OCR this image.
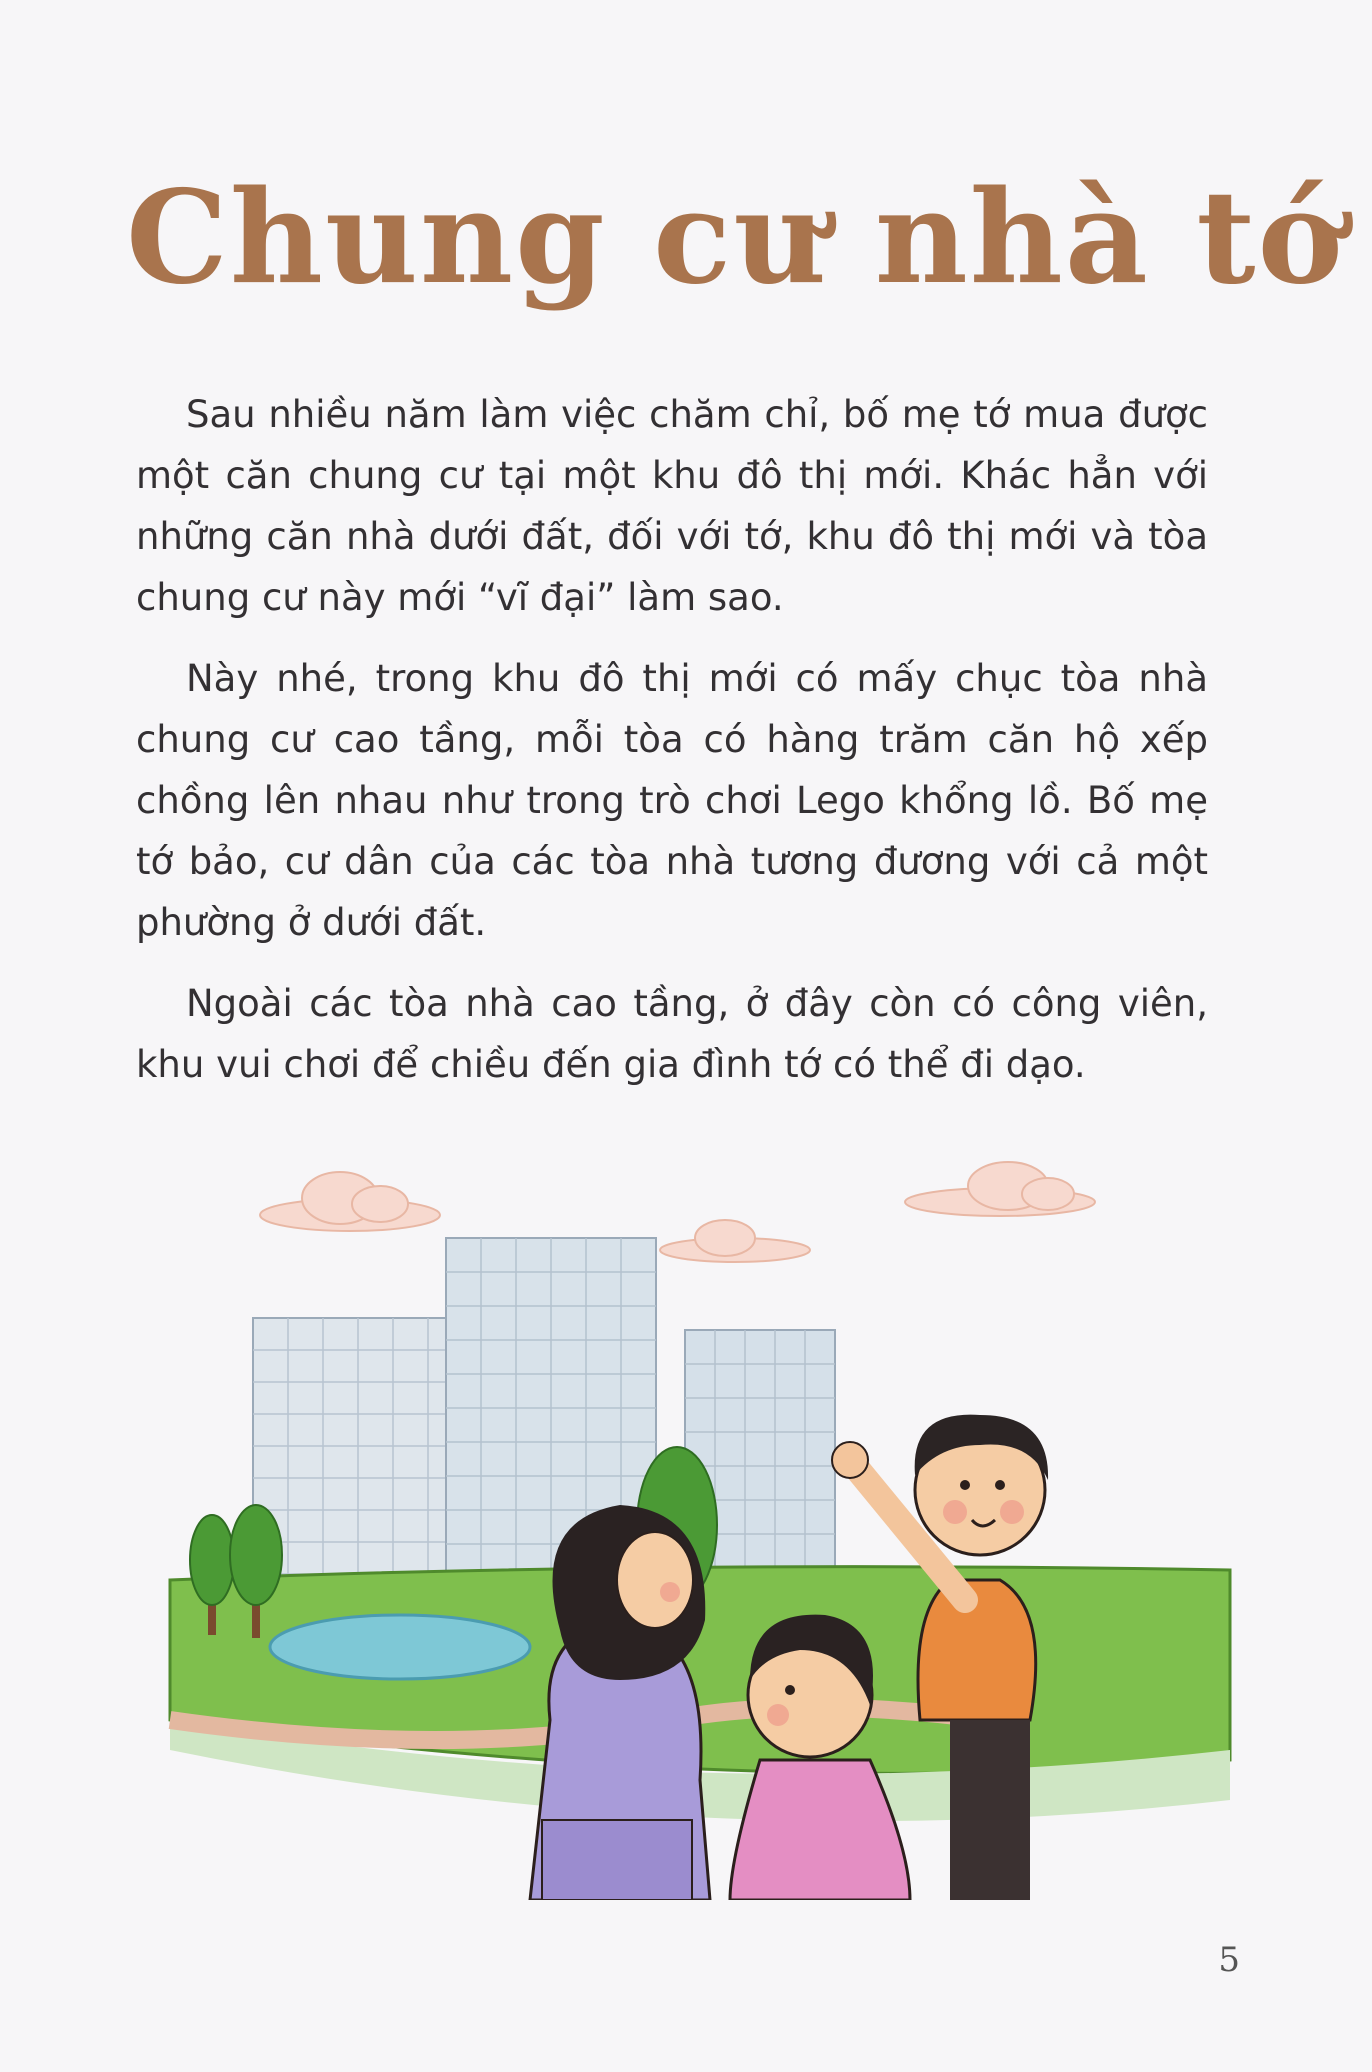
Chung cư nhà tớ

Sau nhiều năm làm việc chăm chỉ, bố mẹ tớ mua được một căn chung cư tại một khu đô thị mới. Khác hẳn với những căn nhà dưới đất, đối với tớ, khu đô thị mới và tòa chung cư này mới “vĩ đại” làm sao.

Này nhé, trong khu đô thị mới có mấy chục tòa nhà chung cư cao tầng, mỗi tòa có hàng trăm căn hộ xếp chồng lên nhau như trong trò chơi Lego khổng lồ. Bố mẹ tớ bảo, cư dân của các tòa nhà tương đương với cả một phường ở dưới đất.

Ngoài các tòa nhà cao tầng, ở đây còn có công viên, khu vui chơi để chiều đến gia đình tớ có thể đi dạo.

5
